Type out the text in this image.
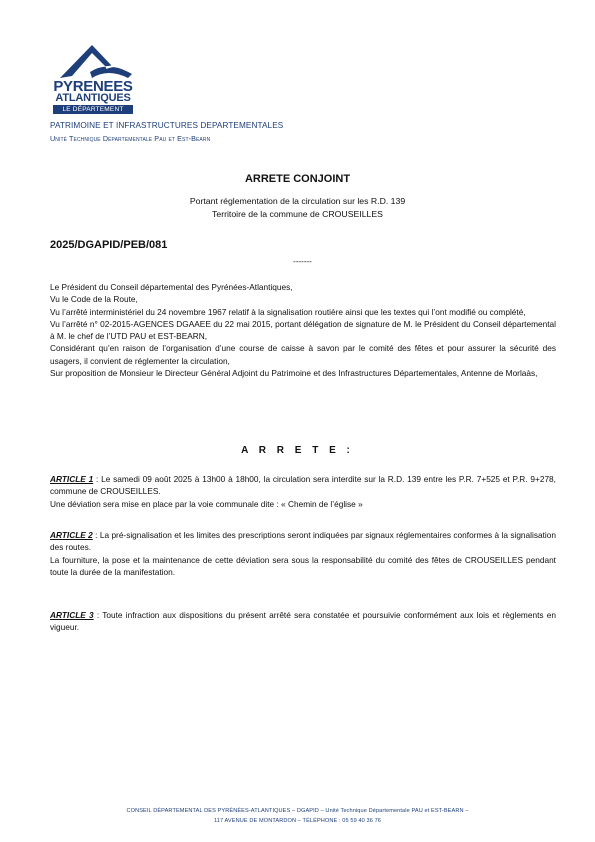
PYRENEES
ATLANTIQUES
LE DÉPARTEMENT
PATRIMOINE ET INFRASTRUCTURES DEPARTEMENTALES
Unité Technique Départementale Pau et Est-Bearn
ARRETE CONJOINT
Portant réglementation de la circulation sur les R.D. 139
Territoire de la commune de CROUSEILLES
2025/DGAPID/PEB/081
-------

Le Président du Conseil départemental des Pyrénées-Atlantiques,

Vu le Code de la Route,

Vu l’arrêté interministériel du 24 novembre 1967 relatif à la signalisation routière ainsi que les textes qui l’ont modifié ou complété,

Vu l’arrêté n° 02-2015-AGENCES DGAAEE du 22 mai 2015, portant délégation de signature de M. le Président du Conseil départemental à M. le chef de l’UTD PAU et EST-BEARN,

Considérant qu’en raison de l’organisation d’une course de caisse à savon par le comité des fêtes et pour assurer la sécurité des usagers, il convient de réglementer la circulation,

Sur proposition de Monsieur le Directeur Général Adjoint du Patrimoine et des Infrastructures Départementales, Antenne de Morlaàs,

A R R E T E :

ARTICLE 1 : Le samedi 09 août 2025 à 13h00 à 18h00, la circulation sera interdite sur la R.D. 139 entre les P.R. 7+525 et P.R. 9+278, commune de CROUSEILLES.

Une déviation sera mise en place par la voie communale dite : « Chemin de l’église »

ARTICLE 2 : La pré-signalisation et les limites des prescriptions seront indiquées par signaux réglementaires conformes à la signalisation des routes.

La fourniture, la pose et la maintenance de cette déviation sera sous la responsabilité du comité des fêtes de CROUSEILLES pendant toute la durée de la manifestation.

ARTICLE 3 : Toute infraction aux dispositions du présent arrêté sera constatée et poursuivie conformément aux lois et règlements en vigueur.

CONSEIL DÉPARTEMENTAL DES PYRÉNÉES-ATLANTIQUES – DGAPID – Unité Technique Départementale PAU et EST-BEARN –
117 AVENUE DE MONTARDON – TÉLÉPHONE : 05 59 40 36 76
